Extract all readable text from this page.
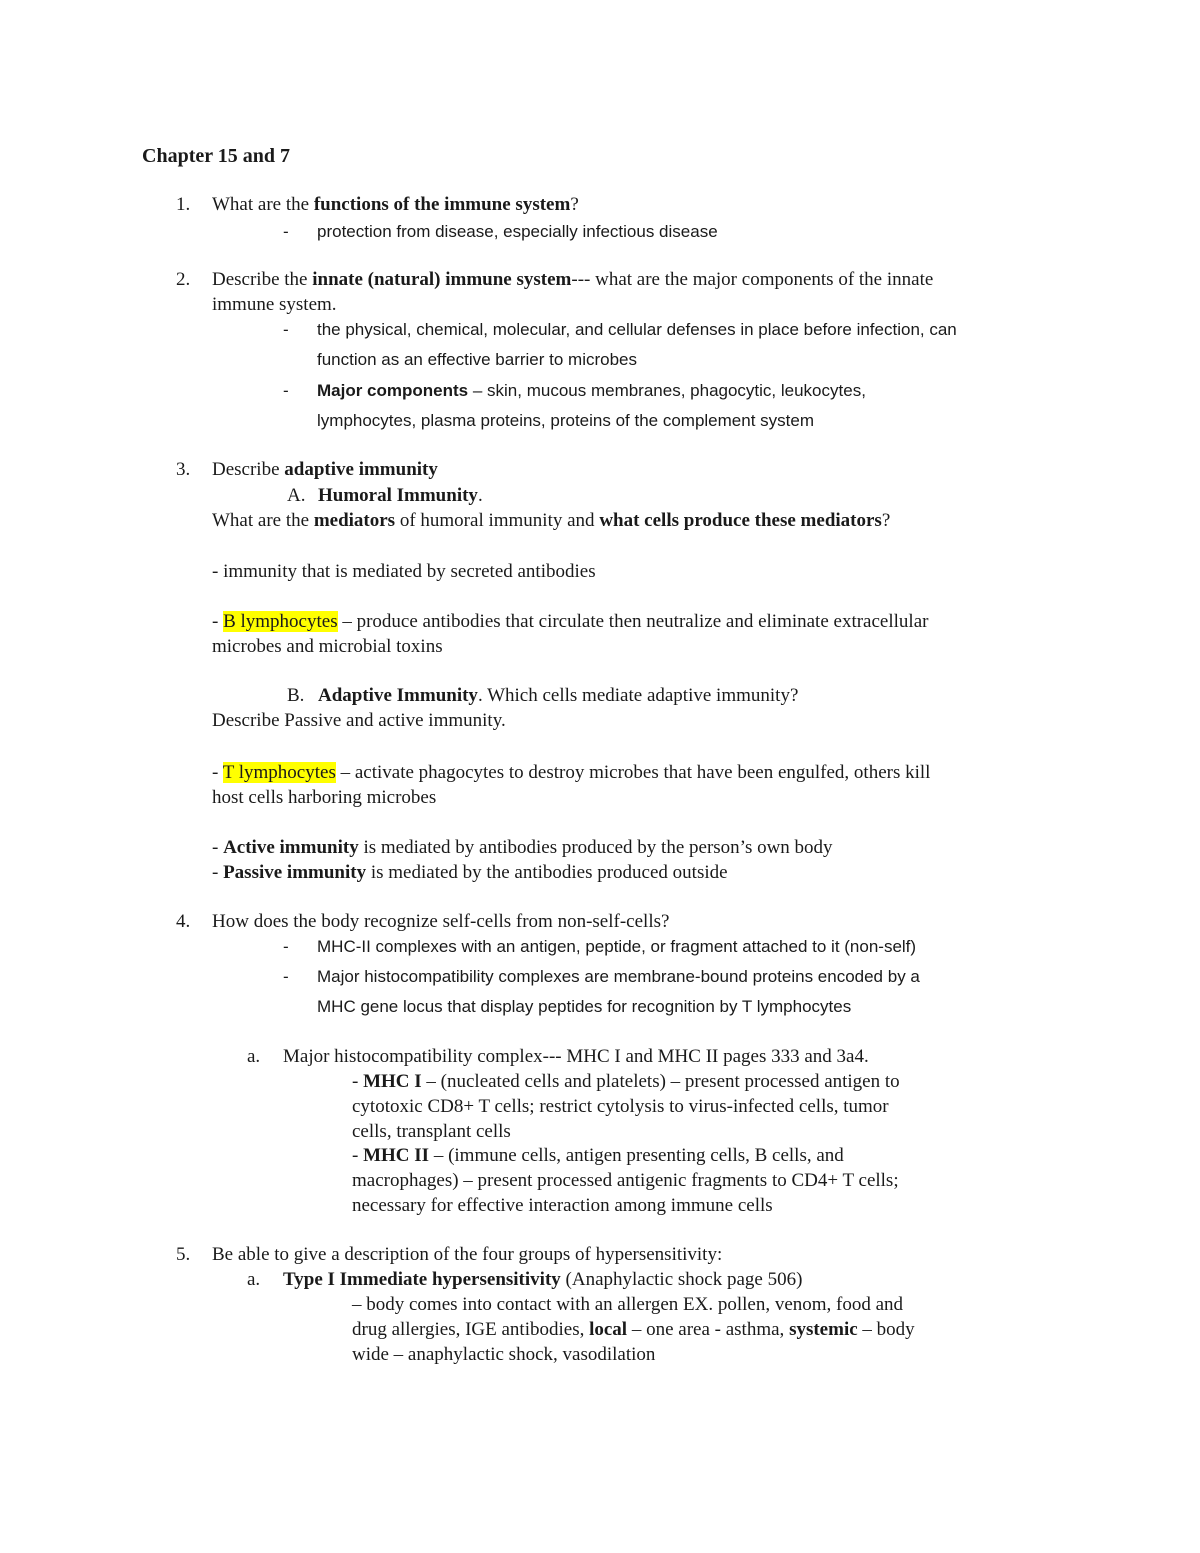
Chapter 15 and 7
1. What are the functions of the immune system?
- protection from disease, especially infectious disease
2. Describe the innate (natural) immune system--- what are the major components of the innate
immune system.
- the physical, chemical, molecular, and cellular defenses in place before infection, can
function as an effective barrier to microbes
- Major components – skin, mucous membranes, phagocytic, leukocytes,
lymphocytes, plasma proteins, proteins of the complement system
3. Describe adaptive immunity
A. Humoral Immunity.
What are the mediators of humoral immunity and what cells produce these mediators?
- immunity that is mediated by secreted antibodies
- B lymphocytes – produce antibodies that circulate then neutralize and eliminate extracellular
microbes and microbial toxins
B. Adaptive Immunity. Which cells mediate adaptive immunity?
Describe Passive and active immunity.
- T lymphocytes – activate phagocytes to destroy microbes that have been engulfed, others kill
host cells harboring microbes
- Active immunity is mediated by antibodies produced by the person’s own body
- Passive immunity is mediated by the antibodies produced outside
4. How does the body recognize self-cells from non-self-cells?
- MHC-II complexes with an antigen, peptide, or fragment attached to it (non-self)
- Major histocompatibility complexes are membrane-bound proteins encoded by a
MHC gene locus that display peptides for recognition by T lymphocytes
a. Major histocompatibility complex--- MHC I and MHC II pages 333 and 3a4.
- MHC I – (nucleated cells and platelets) – present processed antigen to
cytotoxic CD8+ T cells; restrict cytolysis to virus-infected cells, tumor
cells, transplant cells
- MHC II – (immune cells, antigen presenting cells, B cells, and
macrophages) – present processed antigenic fragments to CD4+ T cells;
necessary for effective interaction among immune cells
5. Be able to give a description of the four groups of hypersensitivity:
a. Type I Immediate hypersensitivity (Anaphylactic shock page 506)
– body comes into contact with an allergen EX. pollen, venom, food and
drug allergies, IGE antibodies, local – one area - asthma, systemic – body
wide – anaphylactic shock, vasodilation
